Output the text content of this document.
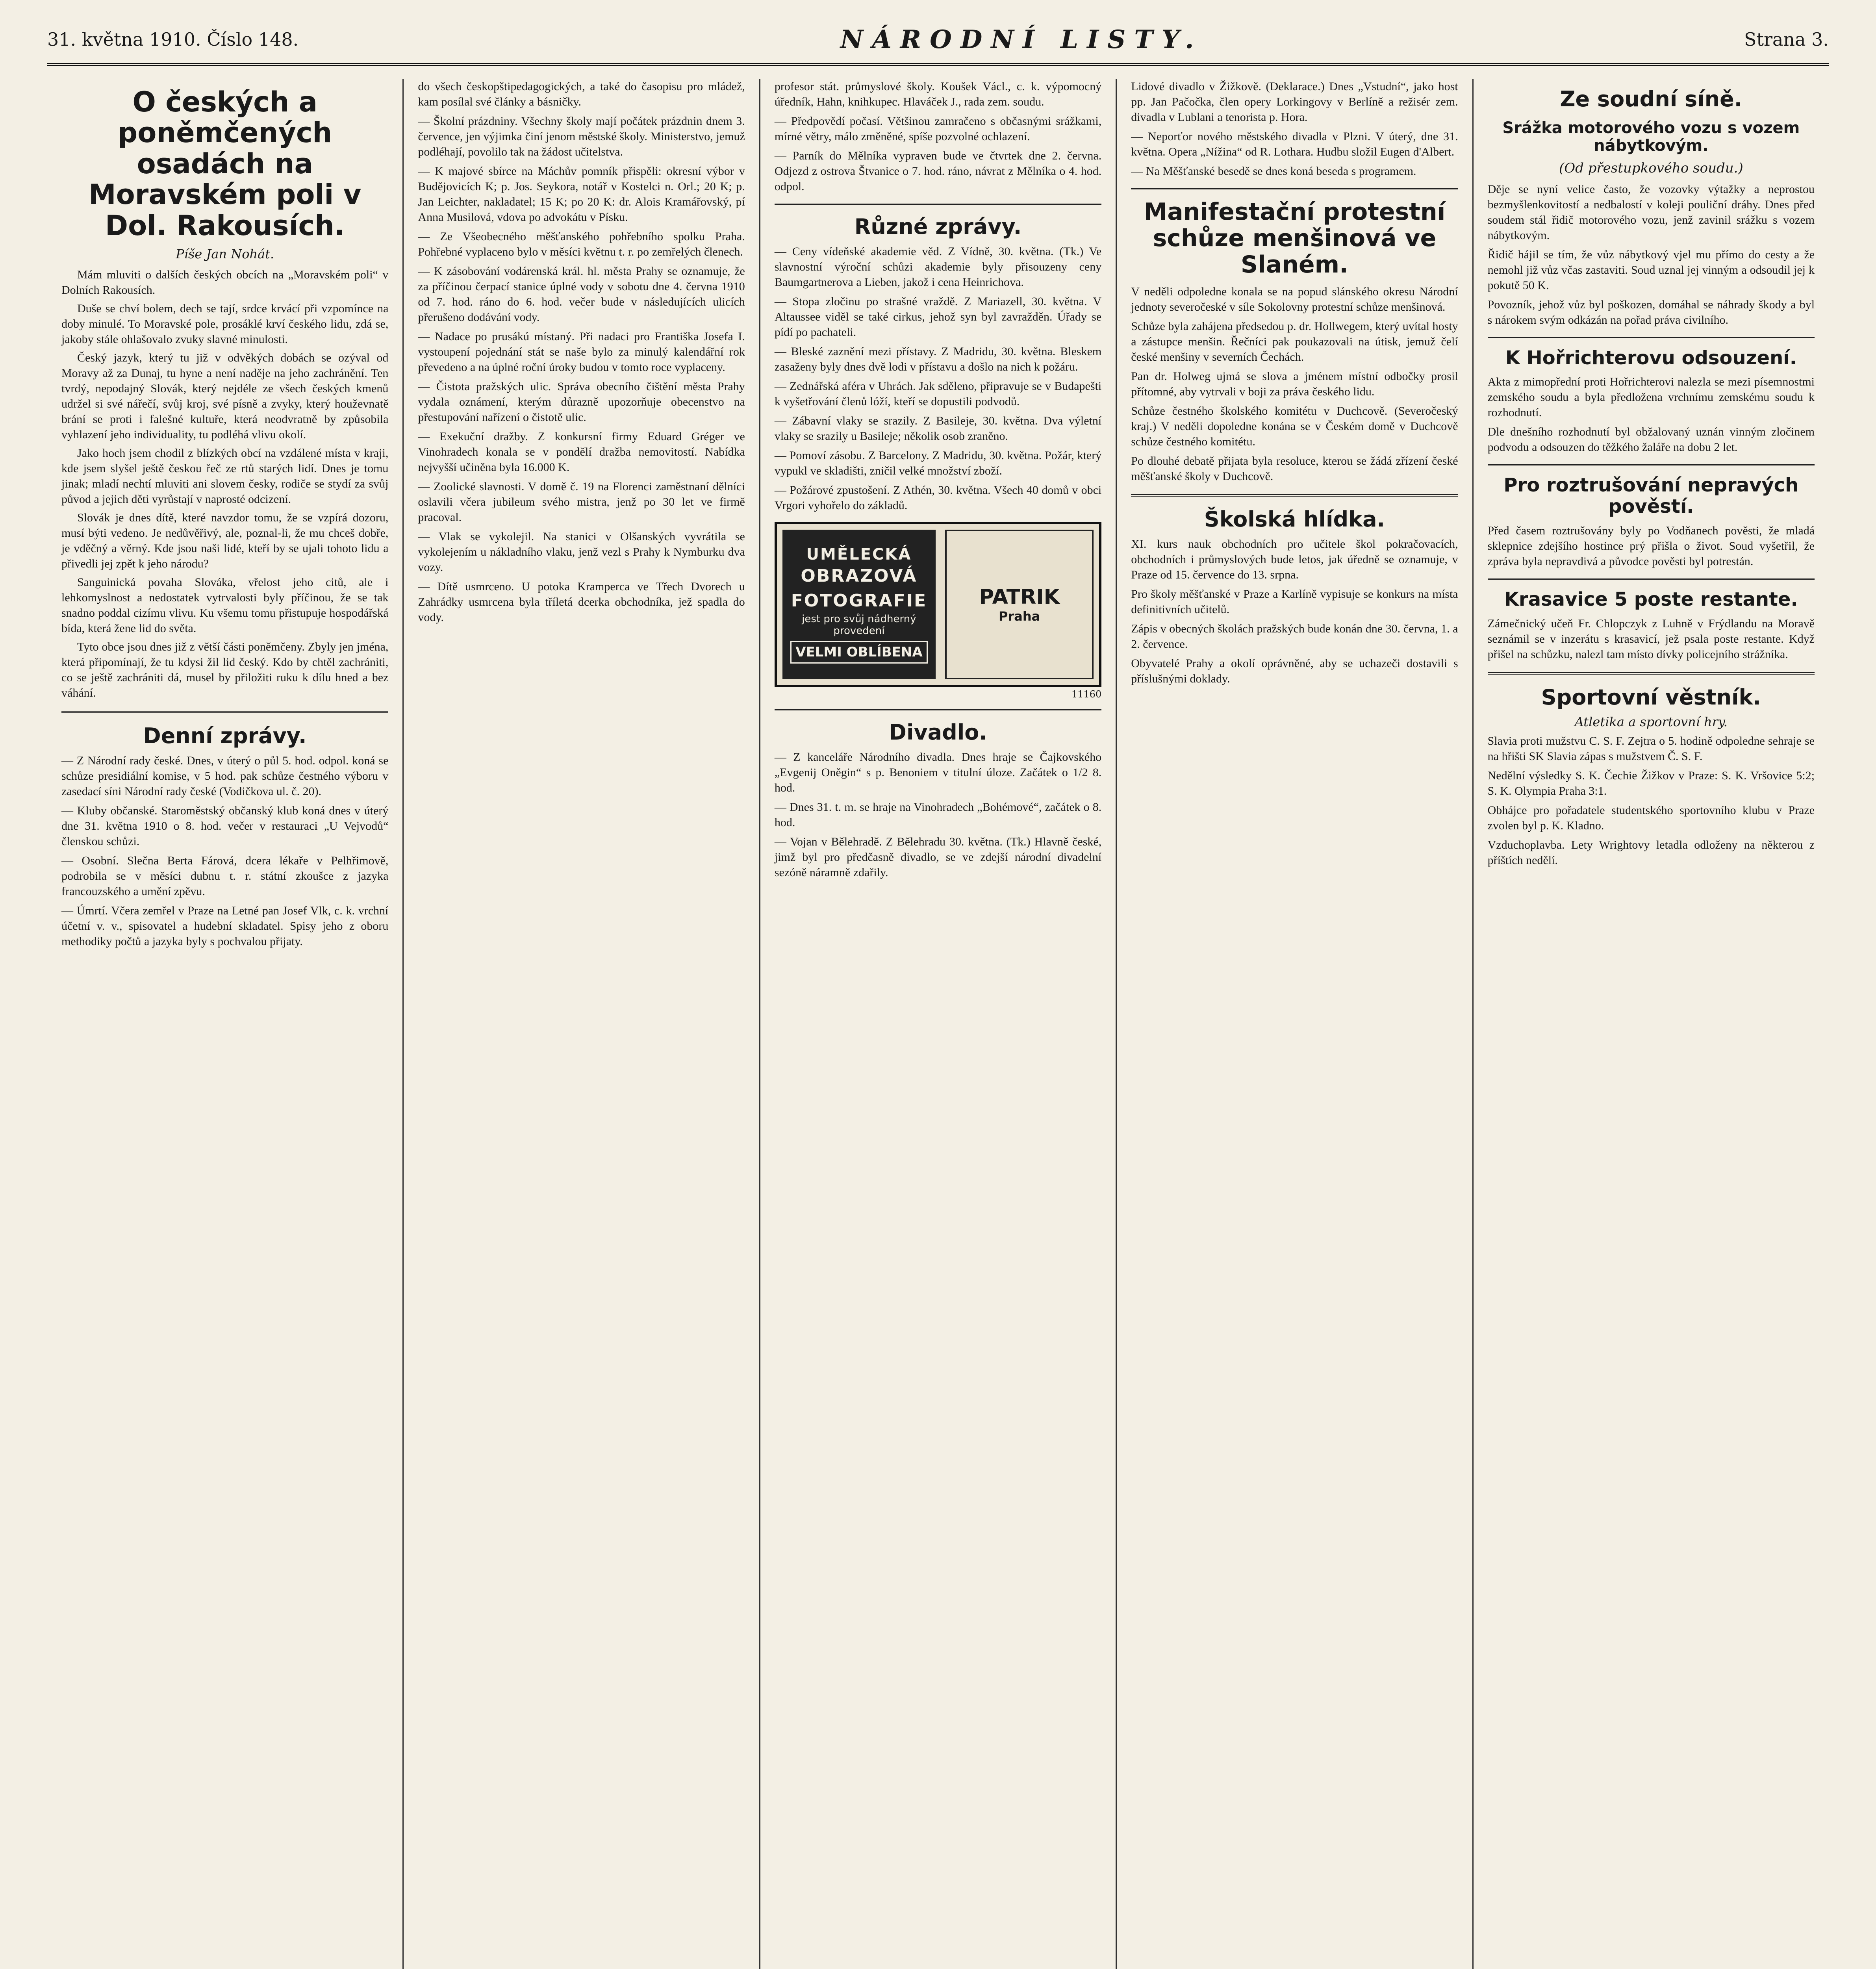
31. května 1910. Číslo 148.	NÁRODNÍ LISTY.	Strana 3.
O českých a poněmčených osadách na Moravském poli v Dol. Rakousích.
Píše Jan Nohát.

Mám mluviti o dalších českých obcích na „Moravském poli“ v Dolních Rakousích.

Duše se chví bolem, dech se tají, srdce krvácí při vzpomínce na doby minulé. To Moravské pole, prosáklé krví českého lidu, zdá se, jakoby stále ohlašovalo zvuky slavné minulosti.

Český jazyk, který tu již v odvěkých dobách se ozýval od Moravy až za Dunaj, tu hyne a není naděje na jeho zachránění. Ten tvrdý, nepodajný Slovák, který nejdéle ze všech českých kmenů udržel si své nářečí, svůj kroj, své písně a zvyky, který houževnatě brání se proti i falešné kultuře, která neodvratně by způsobila vyhlazení jeho individuality, tu podléhá vlivu okolí.

Jako hoch jsem chodil z blízkých obcí na vzdálené místa v kraji, kde jsem slyšel ještě českou řeč ze rtů starých lidí. Dnes je tomu jinak; mladí nechtí mluviti ani slovem česky, rodiče se stydí za svůj původ a jejich děti vyrůstají v naprosté odcizení.

Slovák je dnes dítě, které navzdor tomu, že se vzpírá dozoru, musí býti vedeno. Je nedůvěřivý, ale, poznal-li, že mu chceš dobře, je vděčný a věrný. Kde jsou naši lidé, kteří by se ujali tohoto lidu a přivedli jej zpět k jeho národu?

Sanguinická povaha Slováka, vřelost jeho citů, ale i lehkomyslnost a nedostatek vytrvalosti byly příčinou, že se tak snadno poddal cizímu vlivu. Ku všemu tomu přistupuje hospodářská bída, která žene lid do světa.

Tyto obce jsou dnes již z větší části poněmčeny. Zbyly jen jména, která připomínají, že tu kdysi žil lid český. Kdo by chtěl zachrániti, co se ještě zachrániti dá, musel by přiložiti ruku k dílu hned a bez váhání.

Denní zprávy.
— Z Národní rady české. Dnes, v úterý o půl 5. hod. odpol. koná se schůze presidiální komise, v 5 hod. pak schůze čestného výboru v zasedací síni Národní rady české (Vodičkova ul. č. 20).
— Kluby občanské. Staroměstský občanský klub koná dnes v úterý dne 31. května 1910 o 8. hod. večer v restauraci „U Vejvodů“ členskou schůzi.
— Osobní. Slečna Berta Fárová, dcera lékaře v Pelhřimově, podrobila se v měsíci dubnu t. r. státní zkoušce z jazyka francouzského a umění zpěvu.
— Úmrtí. Včera zemřel v Praze na Letné pan Josef Vlk, c. k. vrchní účetní v. v., spisovatel a hudební skladatel. Spisy jeho z oboru methodiky počtů a jazyka byly s pochvalou přijaty.
do všech českopštipedagogických, a také do časopisu pro mládež, kam posílal své články a básničky.
— Školní prázdniny. Všechny školy mají počátek prázdnin dnem 3. července, jen výjimka činí jenom městské školy. Ministerstvo, jemuž podléhají, povolilo tak na žádost učitelstva.
— K majové sbírce na Máchův pomník přispěli: okresní výbor v Budějovicích K; p. Jos. Seykora, notář v Kostelci n. Orl.; 20 K; p. Jan Leichter, nakladatel; 15 K; po 20 K: dr. Alois Kramářovský, pí Anna Musilová, vdova po advokátu v Písku.
— Ze Všeobecného měšťanského pohřebního spolku Praha. Pohřebné vyplaceno bylo v měsíci květnu t. r. po zemřelých členech.
— K zásobování vodárenská král. hl. města Prahy se oznamuje, že za příčinou čerpací stanice úplné vody v sobotu dne 4. června 1910 od 7. hod. ráno do 6. hod. večer bude v následujících ulicích přerušeno dodávání vody.
— Nadace po prusákú místaný. Při nadaci pro Františka Josefa I. vystoupení pojednání stát se naše bylo za minulý kalendářní rok převedeno a na úplné roční úroky budou v tomto roce vyplaceny.
— Čistota pražských ulic. Správa obecního čištění města Prahy vydala oznámení, kterým důrazně upozorňuje obecenstvo na přestupování nařízení o čistotě ulic.
— Exekuční dražby. Z konkursní firmy Eduard Gréger ve Vinohradech konala se v pondělí dražba nemovitostí. Nabídka nejvyšší učiněna byla 16.000 K.
— Zoolické slavnosti. V domě č. 19 na Florenci zaměstnaní dělníci oslavili včera jubileum svého mistra, jenž po 30 let ve firmě pracoval.
— Vlak se vykolejil. Na stanici v Olšanských vyvrátila se vykolejením u nákladního vlaku, jenž vezl s Prahy k Nymburku dva vozy.
— Dítě usmrceno. U potoka Kramperca ve Třech Dvorech u Zahrádky usmrcena byla tříletá dcerka obchodníka, jež spadla do vody.
profesor stát. průmyslové školy. Koušek Václ., c. k. výpomocný úředník, Hahn, knihkupec. Hlaváček J., rada zem. soudu.
— Předpovědí počasí. Většinou zamračeno s občasnými srážkami, mírné větry, málo změněné, spíše pozvolné ochlazení.
— Parník do Mělníka vypraven bude ve čtvrtek dne 2. června. Odjezd z ostrova Štvanice o 7. hod. ráno, návrat z Mělníka o 4. hod. odpol.
Různé zprávy.
— Ceny vídeňské akademie věd. Z Vídně, 30. května. (Tk.) Ve slavnostní výroční schůzi akademie byly přisouzeny ceny Baumgartnerova a Lieben, jakož i cena Heinrichova.
— Stopa zločinu po strašné vraždě. Z Mariazell, 30. května. V Altaussee viděl se také cirkus, jehož syn byl zavražděn. Úřady se pídí po pachateli.
— Bleské zaznění mezi přístavy. Z Madridu, 30. května. Bleskem zasaženy byly dnes dvě lodi v přístavu a došlo na nich k požáru.
— Zednářská aféra v Uhrách. Jak sděleno, připravuje se v Budapešti k vyšetřování členů lóží, kteří se dopustili podvodů.
— Zábavní vlaky se srazily. Z Basileje, 30. května. Dva výletní vlaky se srazily u Basileje; několik osob zraněno.
— Pomoví zásobu. Z Barcelony. Z Madridu, 30. května. Požár, který vypukl ve skladišti, zničil velké množství zboží.
— Požárové zpustošení. Z Athén, 30. května. Všech 40 domů v obci Vrgori vyhořelo do základů.
UMĚLECKÁ
OBRAZOVÁ
FOTOGRAFIE
jest pro svůj nádherný provedení
VELMI OBLÍBENA
PATRIK
Praha
11160
Divadlo.
— Z kanceláře Národního divadla. Dnes hraje se Čajkovského „Evgenij Oněgin“ s p. Benoniem v titulní úloze. Začátek o 1/2 8. hod.
— Dnes 31. t. m. se hraje na Vinohradech „Bohémové“, začátek o 8. hod.
— Vojan v Bělehradě. Z Bělehradu 30. května. (Tk.) Hlavně české, jimž byl pro předčasně divadlo, se ve zdejší národní divadelní sezóně náramně zdařily.
Lidové divadlo v Žižkově. (Deklarace.) Dnes „Vstudní“, jako host pp. Jan Pačočka, člen opery Lorkingovy v Berlíně a režisér zem. divadla v Lublani a tenorista p. Hora.
— Neporťor nového městského divadla v Plzni. V úterý, dne 31. května. Opera „Nížina“ od R. Lothara. Hudbu složil Eugen d'Albert.
— Na Měšťanské besedě se dnes koná beseda s programem.
Manifestační protestní schůze menšinová ve Slaném.
V neděli odpoledne konala se na popud slánského okresu Národní jednoty severočeské v síle Sokolovny protestní schůze menšinová.
Schůze byla zahájena předsedou p. dr. Hollwegem, který uvítal hosty a zástupce menšin. Řečníci pak poukazovali na útisk, jemuž čelí české menšiny v severních Čechách.
Pan dr. Holweg ujmá se slova a jménem místní odbočky prosil přítomné, aby vytrvali v boji za práva českého lidu.
Schůze čestného školského komitétu v Duchcově. (Severočeský kraj.) V neděli dopoledne konána se v Českém domě v Duchcově schůze čestného komitétu.
Po dlouhé debatě přijata byla resoluce, kterou se žádá zřízení české měšťanské školy v Duchcově.
Školská hlídka.
XI. kurs nauk obchodních pro učitele škol pokračovacích, obchodních i průmyslových bude letos, jak úředně se oznamuje, v Praze od 15. července do 13. srpna.
Pro školy měšťanské v Praze a Karlíně vypisuje se konkurs na místa definitivních učitelů.
Zápis v obecných školách pražských bude konán dne 30. června, 1. a 2. července.
Obyvatelé Prahy a okolí oprávněné, aby se uchazeči dostavili s příslušnými doklady.
Ze soudní síně.
Srážka motorového vozu s vozem nábytkovým.
(Od přestupkového soudu.)
Děje se nyní velice často, že vozovky výtažky a neprostou bezmyšlenkovitostí a nedbalostí v koleji pouliční dráhy. Dnes před soudem stál řidič motorového vozu, jenž zavinil srážku s vozem nábytkovým.
Řidič hájil se tím, že vůz nábytkový vjel mu přímo do cesty a že nemohl již vůz včas zastaviti. Soud uznal jej vinným a odsoudil jej k pokutě 50 K.
Povozník, jehož vůz byl poškozen, domáhal se náhrady škody a byl s nárokem svým odkázán na pořad práva civilního.
K Hořrichterovu odsouzení.
Akta z mimopřední proti Hořrichterovi nalezla se mezi písemnostmi zemského soudu a byla předložena vrchnímu zemskému soudu k rozhodnutí.
Dle dnešního rozhodnutí byl obžalovaný uznán vinným zločinem podvodu a odsouzen do těžkého žaláře na dobu 2 let.
Pro roztrušování nepravých pověstí.
Před časem roztrušovány byly po Vodňanech pověsti, že mladá sklepnice zdejšího hostince prý přišla o život. Soud vyšetřil, že zpráva byla nepravdivá a původce pověsti byl potrestán.
Krasavice 5 poste restante.
Zámečnický učeň Fr. Chlopczyk z Luhně v Frýdlandu na Moravě seznámil se v inzerátu s krasavicí, jež psala poste restante. Když přišel na schůzku, nalezl tam místo dívky policejního strážníka.
Sportovní věstník.
Atletika a sportovní hry.
Slavia proti mužstvu C. S. F. Zejtra o 5. hodině odpoledne sehraje se na hřišti SK Slavia zápas s mužstvem Č. S. F.
Nedělní výsledky S. K. Čechie Žižkov v Praze: S. K. Vršovice 5:2; S. K. Olympia Praha 3:1.
Obhájce pro pořadatele studentského sportovního klubu v Praze zvolen byl p. K. Kladno.
Vzduchoplavba. Lety Wrightovy letadla odloženy na některou z příštích nedělí.
